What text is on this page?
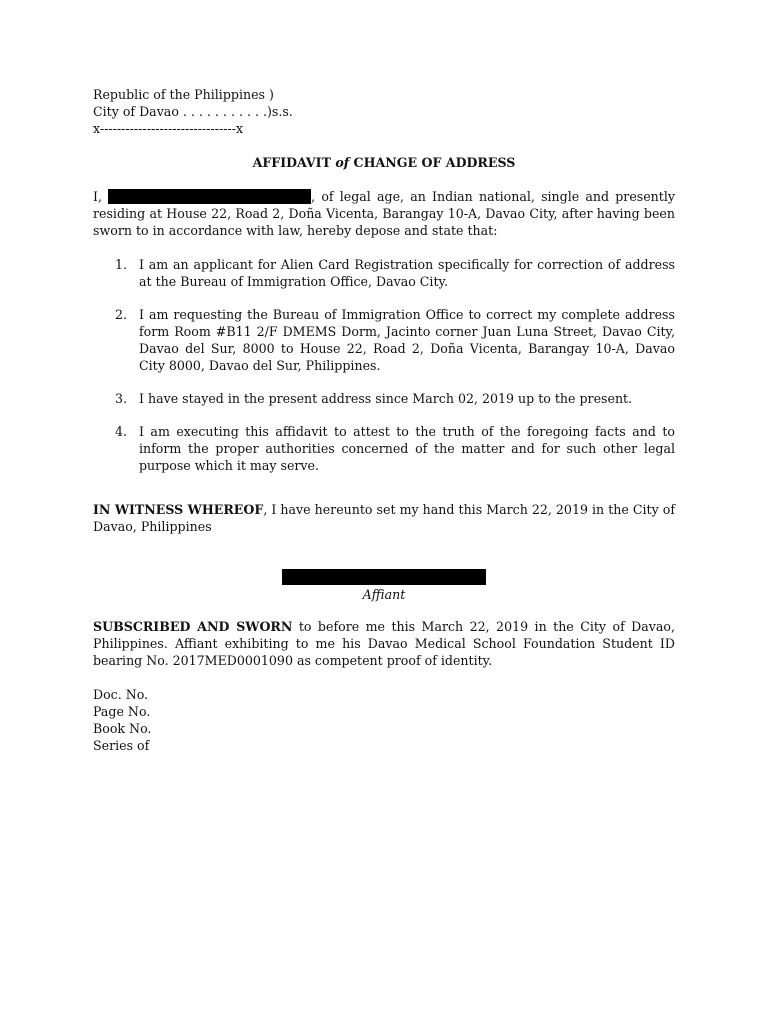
Republic of the Philippines )
City of Davao . . . . . . . . . . .)s.s.
x--------------------------------x
AFFIDAVIT of CHANGE OF ADDRESS
I,	, of legal age, an Indian national, single and presently residing at House 22, Road 2, Doña Vicenta, Barangay 10-A, Davao City, after having been sworn to in accordance with law, hereby depose and state that:
1. I am an applicant for Alien Card Registration specifically for correction of address at the Bureau of Immigration Office, Davao City.
2. I am requesting the Bureau of Immigration Office to correct my complete address form Room #B11 2/F DMEMS Dorm, Jacinto corner Juan Luna Street, Davao City, Davao del Sur, 8000 to House 22, Road 2, Doña Vicenta, Barangay 10-A, Davao City 8000, Davao del Sur, Philippines.
3. I have stayed in the present address since March 02, 2019 up to the present.
4. I am executing this affidavit to attest to the truth of the foregoing facts and to inform the proper authorities concerned of the matter and for such other legal purpose which it may serve.
IN WITNESS WHEREOF, I have hereunto set my hand this March 22, 2019 in the City of Davao, Philippines
Affiant
SUBSCRIBED AND SWORN to before me this March 22, 2019 in the City of Davao, Philippines. Affiant exhibiting to me his Davao Medical School Foundation Student ID bearing No. 2017MED0001090 as competent proof of identity.
Doc. No.
Page No.
Book No.
Series of
